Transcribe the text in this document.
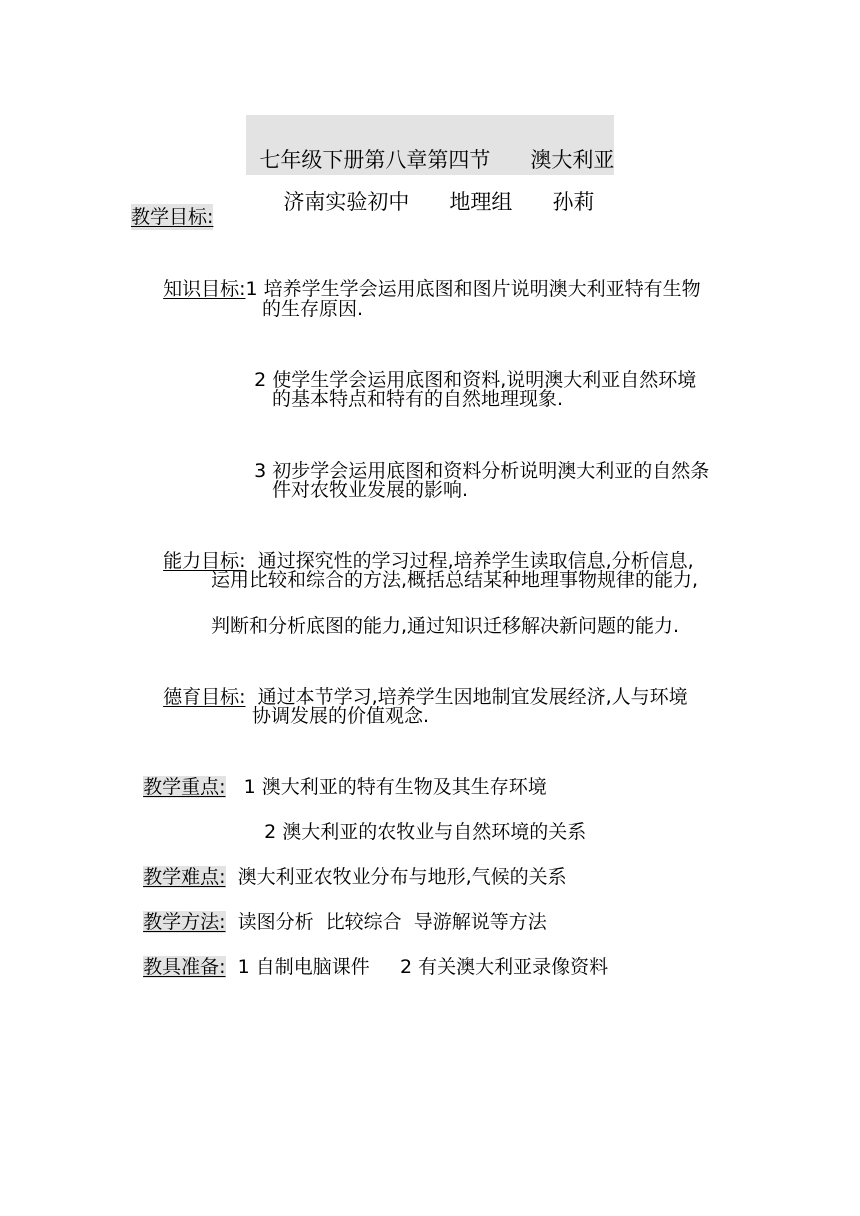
七年级下册第八章第四节 澳大利亚

济南实验初中 地理组 孙莉

教学目标:

知识目标:1 培养学生学会运用底图和图片说明澳大利亚特有生物

的生存原因.

2 使学生学会运用底图和资料,说明澳大利亚自然环境

的基本特点和特有的自然地理现象.

3 初步学会运用底图和资料分析说明澳大利亚的自然条

件对农牧业发展的影响.

能力目标: 通过探究性的学习过程,培养学生读取信息,分析信息,

运用比较和综合的方法,概括总结某种地理事物规律的能力,
判断和分析底图的能力,通过知识迁移解决新问题的能力.

德育目标: 通过本节学习,培养学生因地制宜发展经济,人与环境

协调发展的价值观念.

教学重点: 1 澳大利亚的特有生物及其生存环境

2 澳大利亚的农牧业与自然环境的关系

教学难点: 澳大利亚农牧业分布与地形,气候的关系

教学方法: 读图分析  比较综合  导游解说等方法

教具准备: 1 自制电脑课件 2 有关澳大利亚录像资料
